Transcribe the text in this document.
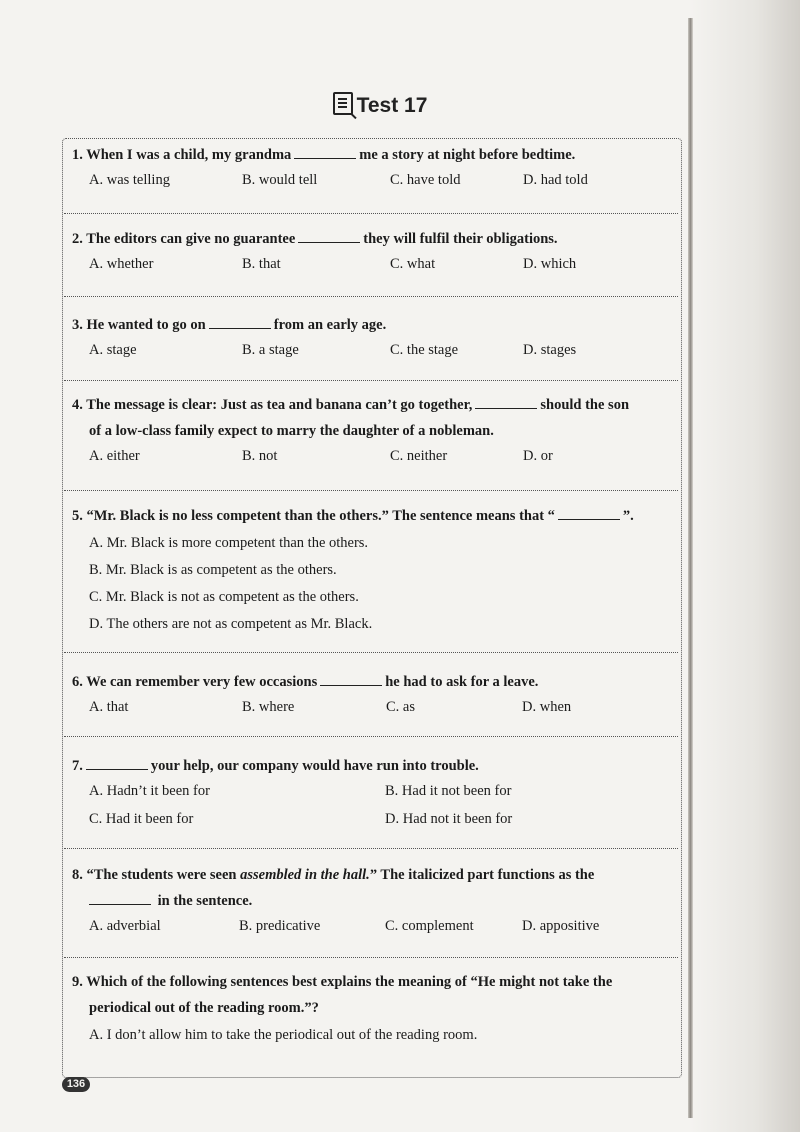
Test 17
1. When I was a child, my grandma	me a story at night before bedtime.
A. was telling	B. would tell	C. have told	D. had told
2. The editors can give no guarantee	they will fulfil their obligations.
A. whether	B. that	C. what	D. which
3. He wanted to go on	from an early age.
A. stage	B. a stage	C. the stage	D. stages
4. The message is clear: Just as tea and banana can’t go together,	should the son
of a low-class family expect to marry the daughter of a nobleman.
A. either	B. not	C. neither	D. or
5. “Mr. Black is no less competent than the others.” The sentence means that “	”.
A. Mr. Black is more competent than the others.
B. Mr. Black is as competent as the others.
C. Mr. Black is not as competent as the others.
D. The others are not as competent as Mr. Black.
6. We can remember very few occasions	he had to ask for a leave.
A. that	B. where	C. as	D. when
7.	your help, our company would have run into trouble.
A. Hadn’t it been for	B. Had it not been for
C. Had it been for	D. Had not it been for
8. “The students were seen assembled in the hall.” The italicized part functions as the
in the sentence.
A. adverbial	B. predicative	C. complement	D. appositive
9. Which of the following sentences best explains the meaning of “He might not take the
periodical out of the reading room.”?
A. I don’t allow him to take the periodical out of the reading room.
136
